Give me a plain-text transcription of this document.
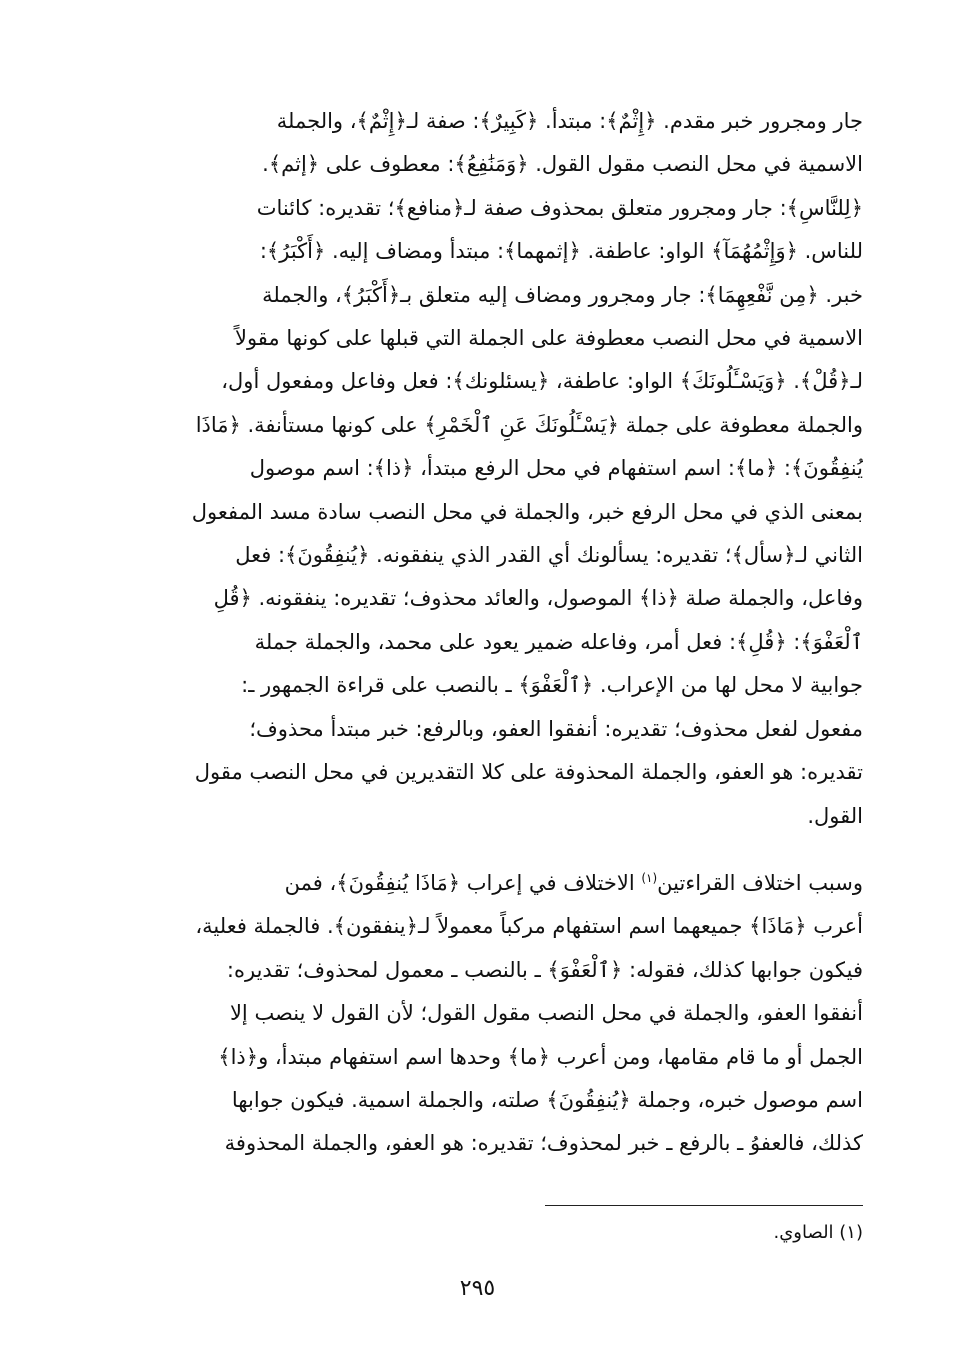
جار ومجرور خبر مقدم. ﴿إِثْمٌ﴾: مبتدأ. ﴿كَبِيرٌ﴾: صفة لـ﴿إِثْمٌ﴾، والجملة
الاسمية في محل النصب مقول القول. ﴿وَمَنَٰفِعُ﴾: معطوف على ﴿إثم﴾.
﴿لِلنَّاسِ﴾: جار ومجرور متعلق بمحذوف صفة لـ﴿منافع﴾؛ تقديره: كائنات
للناس. ﴿وَإِثْمُهُمَآ﴾ الواو: عاطفة. ﴿إثمهما﴾: مبتدأ ومضاف إليه. ﴿أَكْبَرُ﴾:
خبر. ﴿مِن نَّفْعِهِمَا﴾: جار ومجرور ومضاف إليه متعلق بـ﴿أَكْبَرُ﴾، والجملة
الاسمية في محل النصب معطوفة على الجملة التي قبلها على كونها مقولاً
لـ﴿قُلْ﴾. ﴿وَيَسْـَٔلُونَكَ﴾ الواو: عاطفة، ﴿يسئلونك﴾: فعل وفاعل ومفعول أول،
والجملة معطوفة على جملة ﴿يَسْـَٔلُونَكَ عَنِ ٱلْخَمْرِ﴾ على كونها مستأنفة. ﴿مَاذَا
يُنفِقُونَ﴾: ﴿ما﴾: اسم استفهام في محل الرفع مبتدأ، ﴿ذا﴾: اسم موصول
بمعنى الذي في محل الرفع خبر، والجملة في محل النصب سادة مسد المفعول
الثاني لـ﴿سأل﴾؛ تقديره: يسألونك أي القدر الذي ينفقونه. ﴿يُنفِقُونَ﴾: فعل
وفاعل، والجملة صلة ﴿ذا﴾ الموصول، والعائد محذوف؛ تقديره: ينفقونه. ﴿قُلِ
ٱلْعَفْوَ﴾: ﴿قُلِ﴾: فعل أمر، وفاعله ضمير يعود على محمد، والجملة جملة
جوابية لا محل لها من الإعراب. ﴿ٱلْعَفْوَ﴾ ـ بالنصب على قراءة الجمهور ـ:
مفعول لفعل محذوف؛ تقديره: أنفقوا العفو، وبالرفع: خبر مبتدأ محذوف؛
تقديره: هو العفو، والجملة المحذوفة على كلا التقديرين في محل النصب مقول
القول.
وسبب اختلاف القراءتين$^{(١)}$ الاختلاف في إعراب ﴿مَاذَا يُنفِقُونَ﴾، فمن
أعرب ﴿مَاذَا﴾ جميعهما اسم استفهام مركباً معمولاً لـ﴿ينفقون﴾. فالجملة فعلية،
فيكون جوابها كذلك، فقوله: ﴿ٱلْعَفْوَ﴾ ـ بالنصب ـ معمول لمحذوف؛ تقديره:
أنفقوا العفو، والجملة في محل النصب مقول القول؛ لأن القول لا ينصب إلا
الجمل أو ما قام مقامها، ومن أعرب ﴿ما﴾ وحدها اسم استفهام مبتدأ، و﴿ذا﴾
اسم موصول خبره، وجملة ﴿يُنفِقُونَ﴾ صلته، والجملة اسمية. فيكون جوابها
كذلك، فالعفوُ ـ بالرفع ـ خبر لمحذوف؛ تقديره: هو العفو، والجملة المحذوفة
(١) الصاوي.
٢٩٥
